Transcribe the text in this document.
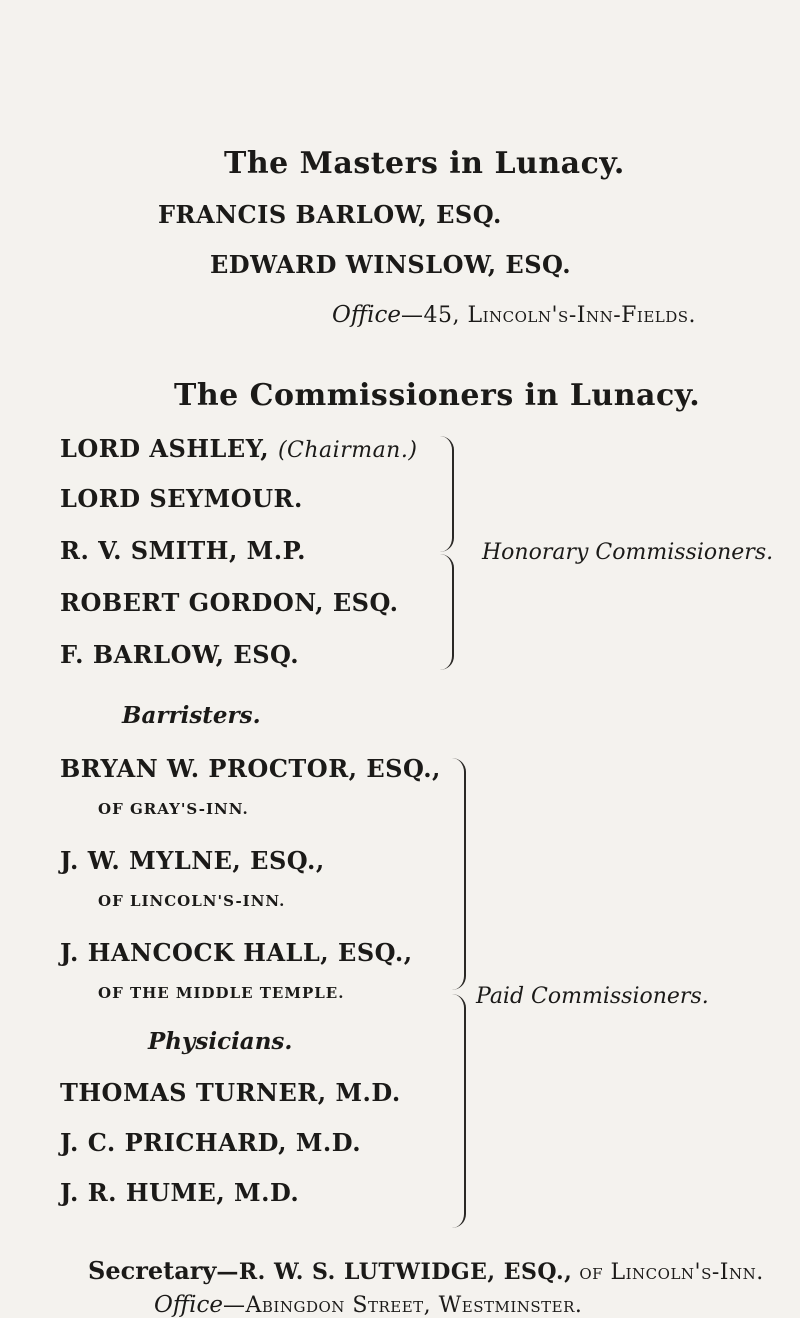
The Masters in Lunacy.
FRANCIS BARLOW, ESQ.
EDWARD WINSLOW, ESQ.
Office—45, Lincoln's-Inn-Fields.
The Commissioners in Lunacy.
LORD ASHLEY, (Chairman.)
LORD SEYMOUR.
R. V. SMITH, M.P.
ROBERT GORDON, ESQ.
F. BARLOW, ESQ.
Honorary Commissioners.
Barristers.
BRYAN W. PROCTOR, ESQ.,
OF GRAY'S-INN.
J. W. MYLNE, ESQ.,
OF LINCOLN'S-INN.
J. HANCOCK HALL, ESQ.,
OF THE MIDDLE TEMPLE.
Physicians.
THOMAS TURNER, M.D.
J. C. PRICHARD, M.D.
J. R. HUME, M.D.
Paid Commissioners.
Secretary—R. W. S. LUTWIDGE, ESQ., of Lincoln's-Inn.
Office—Abingdon Street, Westminster.
